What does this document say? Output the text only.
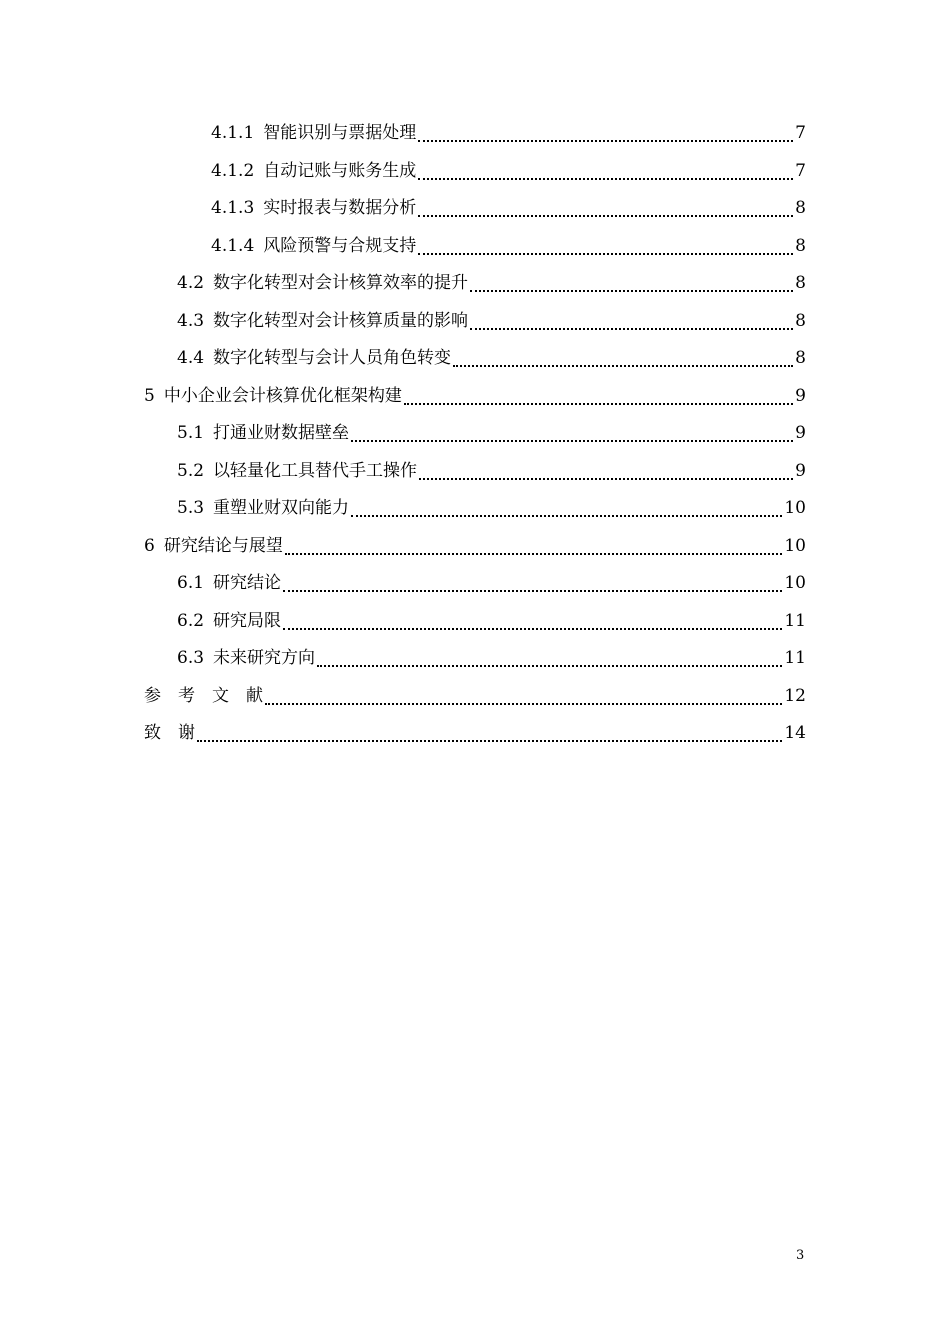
4.1.1 智能识别与票据处理	7
4.1.2 自动记账与账务生成	7
4.1.3 实时报表与数据分析	8
4.1.4 风险预警与合规支持	8
4.2 数字化转型对会计核算效率的提升	8
4.3 数字化转型对会计核算质量的影响	8
4.4 数字化转型与会计人员角色转变	8
5 中小企业会计核算优化框架构建	9
5.1 打通业财数据壁垒	9
5.2 以轻量化工具替代手工操作	9
5.3 重塑业财双向能力	10
6 研究结论与展望	10
6.1 研究结论	10
6.2 研究局限	11
6.3 未来研究方向	11
参　考　文　献	12
致　谢	14
3
